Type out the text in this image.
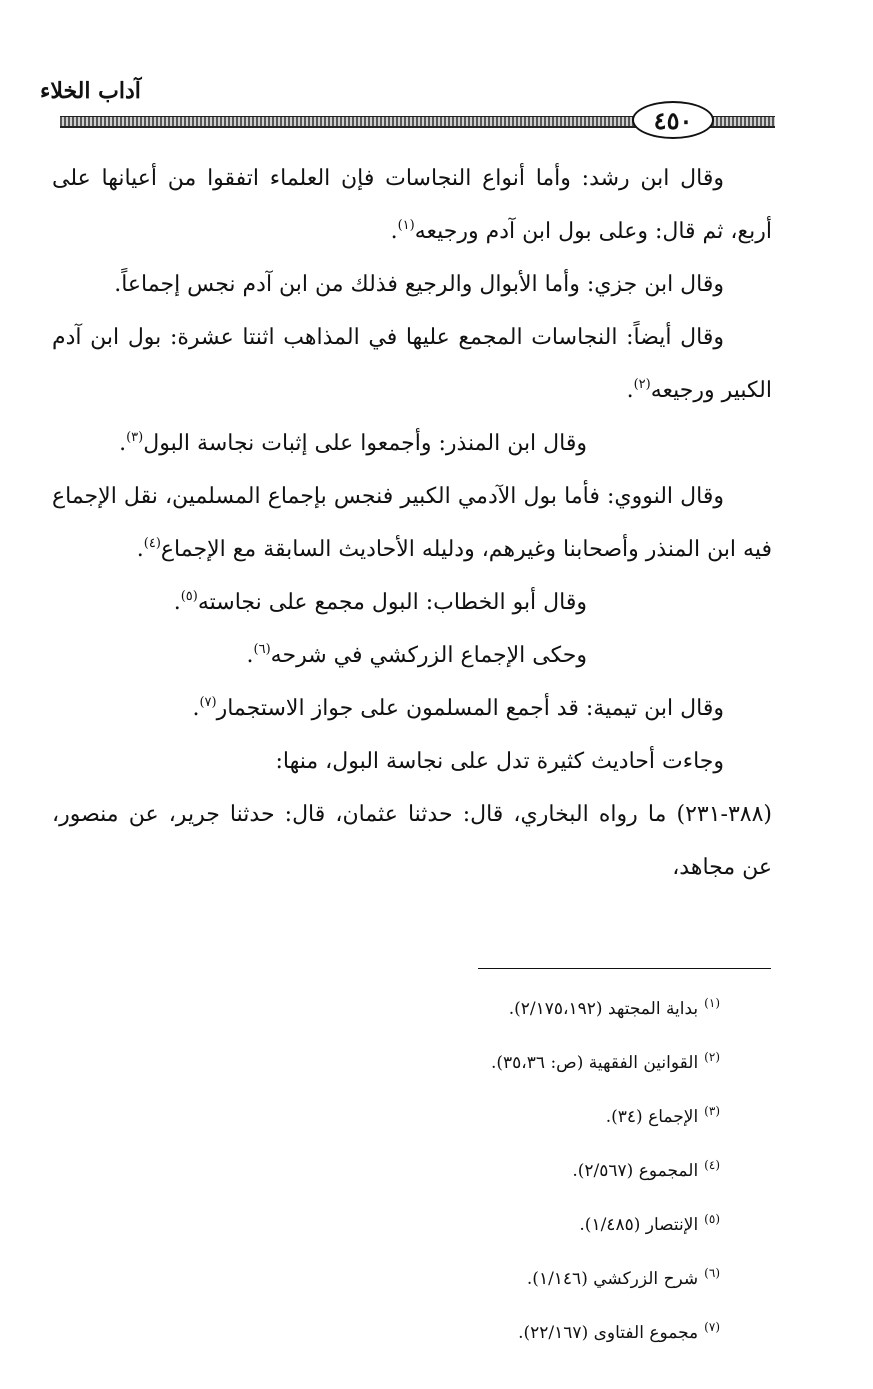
آداب الخلاء
٤٥٠

وقال ابن رشد: وأما أنواع النجاسات فإن العلماء اتفقوا من أعيانها على أربع، ثم قال: وعلى بول ابن آدم ورجيعه$^{(١)}$.

وقال ابن جزي: وأما الأبوال والرجيع فذلك من ابن آدم نجس إجماعاً.

وقال أيضاً: النجاسات المجمع عليها في المذاهب اثنتا عشرة: بول ابن آدم الكبير ورجيعه$^{(٢)}$.

وقال ابن المنذر: وأجمعوا على إثبات نجاسة البول$^{(٣)}$.

وقال النووي: فأما بول الآدمي الكبير فنجس بإجماع المسلمين، نقل الإجماع فيه ابن المنذر وأصحابنا وغيرهم، ودليله الأحاديث السابقة مع الإجماع$^{(٤)}$.

وقال أبو الخطاب: البول مجمع على نجاسته$^{(٥)}$.

وحكى الإجماع الزركشي في شرحه$^{(٦)}$.

وقال ابن تيمية: قد أجمع المسلمون على جواز الاستجمار$^{(٧)}$.

وجاءت أحاديث كثيرة تدل على نجاسة البول، منها:

(٣٨٨-٢٣١) ما رواه البخاري، قال: حدثنا عثمان، قال: حدثنا جرير، عن منصور، عن مجاهد،

$^{(١)}$بداية المجتهد (٢/١٧٥،١٩٢).

$^{(٢)}$القوانين الفقهية (ص: ٣٥،٣٦).

$^{(٣)}$الإجماع (٣٤).

$^{(٤)}$المجموع (٢/٥٦٧).

$^{(٥)}$الإنتصار (١/٤٨٥).

$^{(٦)}$شرح الزركشي (١/١٤٦).

$^{(٧)}$مجموع الفتاوى (٢٢/١٦٧).
